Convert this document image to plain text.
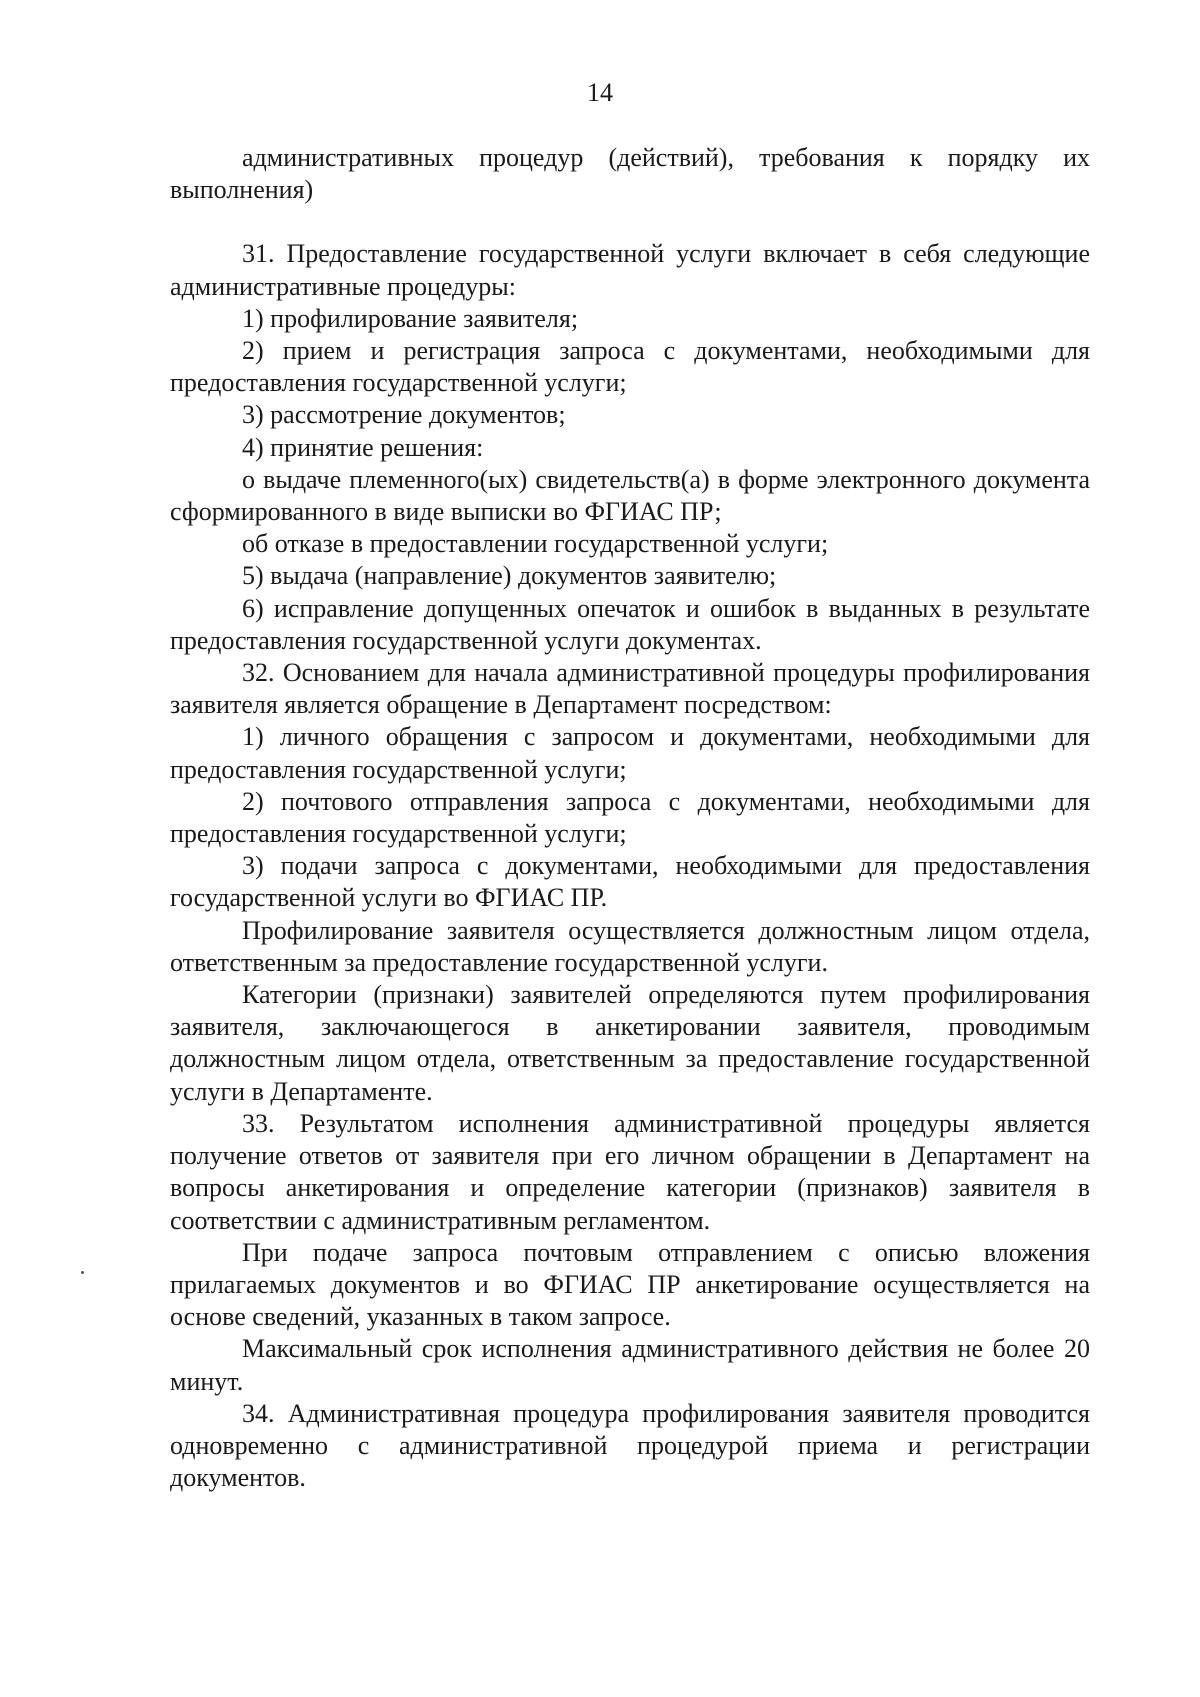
14

административных процедур (действий), требования к порядку их выполнения)

31. Предоставление государственной услуги включает в себя следующие административные процедуры:

1) профилирование заявителя;

2) прием и регистрация запроса с документами, необходимыми для предоставления государственной услуги;

3) рассмотрение документов;

4) принятие решения:

о выдаче племенного(ых) свидетельств(а) в форме электронного документа сформированного в виде выписки во ФГИАС ПР;

об отказе в предоставлении государственной услуги;

5) выдача (направление) документов заявителю;

6) исправление допущенных опечаток и ошибок в выданных в результате предоставления государственной услуги документах.

32. Основанием для начала административной процедуры профилирования заявителя является обращение в Департамент посредством:

1) личного обращения с запросом и документами, необходимыми для предоставления государственной услуги;

2) почтового отправления запроса с документами, необходимыми для предоставления государственной услуги;

3) подачи запроса с документами, необходимыми для предоставления государственной услуги во ФГИАС ПР.

Профилирование заявителя осуществляется должностным лицом отдела, ответственным за предоставление государственной услуги.

Категории (признаки) заявителей определяются путем профилирования заявителя, заключающегося в анкетировании заявителя, проводимым должностным лицом отдела, ответственным за предоставление государственной услуги в Департаменте.

33. Результатом исполнения административной процедуры является получение ответов от заявителя при его личном обращении в Департамент на вопросы анкетирования и определение категории (признаков) заявителя в соответствии с административным регламентом.

При подаче запроса почтовым отправлением с описью вложения прилагаемых документов и во ФГИАС ПР анкетирование осуществляется на основе сведений, указанных в таком запросе.

Максимальный срок исполнения административного действия не более 20 минут.

34. Административная процедура профилирования заявителя проводится одновременно с административной процедурой приема и регистрации документов.
